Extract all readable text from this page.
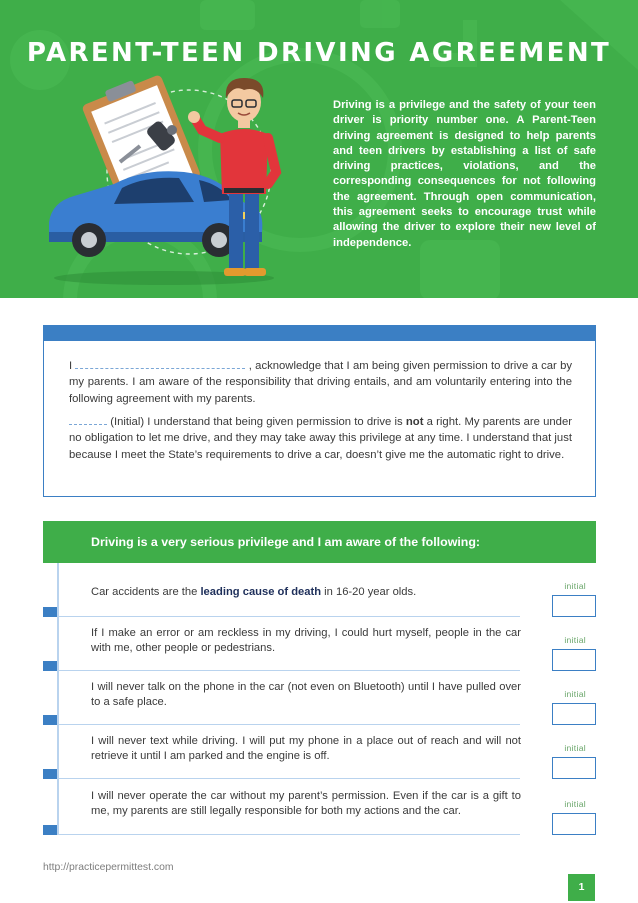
PARENT-TEEN DRIVING AGREEMENT

Driving is a privilege and the safety of your teen driver is priority number one. A Parent-Teen driving agreement is designed to help parents and teen drivers by establishing a list of safe driving practices, violations, and the corresponding consequences for not following the agreement. Through open communication, this agreement seeks to encourage trust while allowing the driver to explore their new level of independence.

I	, acknowledge that I am being given permission to drive a car by my parents. I am aware of the responsibility that driving entails, and am voluntarily entering into the following agreement with my parents.

(Initial) I understand that being given permission to drive is not a right. My parents are under no obligation to let me drive, and they may take away this privilege at any time. I understand that just because I meet the State’s requirements to drive a car, doesn’t give me the automatic right to drive.

Driving is a very serious privilege and I am aware of the following:

Car accidents are the leading cause of death in 16-20 year olds.	initial

If I make an error or am reckless in my driving, I could hurt myself, people in the car with me, other people or pedestrians.

initial

I will never talk on the phone in the car (not even on Bluetooth) until I have pulled over to a safe place.

initial

I will never text while driving. I will put my phone in a place out of reach and will not retrieve it until I am parked and the engine is off.

initial

I will never operate the car without my parent’s permission. Even if the car is a gift to me, my parents are still legally responsible for both my actions and the car.

initial
http://practicepermittest.com
1
